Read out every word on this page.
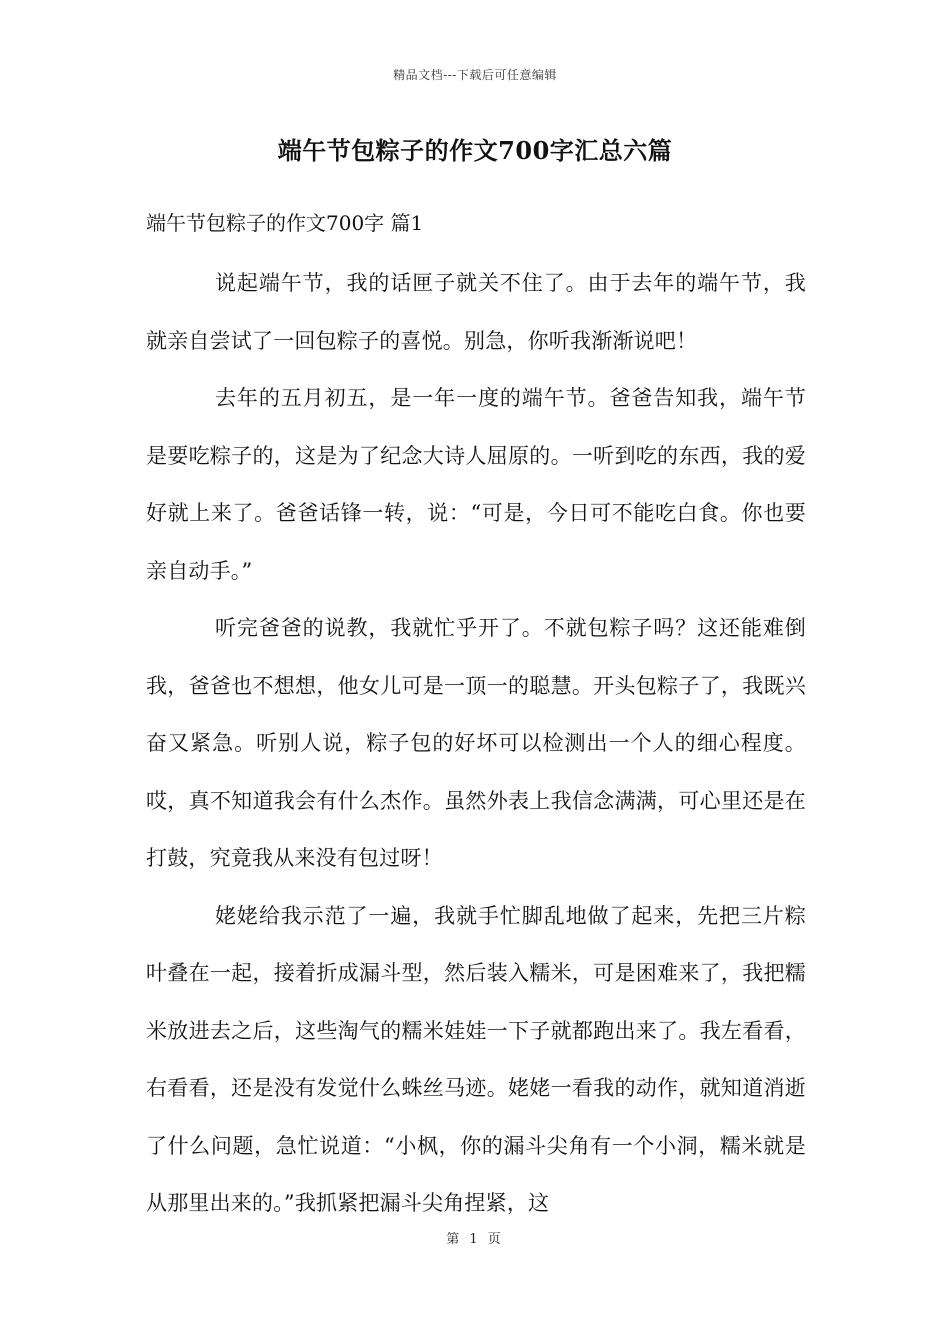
精品文档---下载后可任意编辑
端午节包粽子的作文700字汇总六篇
端午节包粽子的作文700字 篇1

说起端午节，我的话匣子就关不住了。由于去年的端午节，我就亲自尝试了一回包粽子的喜悦。别急，你听我渐渐说吧！

去年的五月初五，是一年一度的端午节。爸爸告知我，端午节是要吃粽子的，这是为了纪念大诗人屈原的。一听到吃的东西，我的爱好就上来了。爸爸话锋一转，说：“可是，今日可不能吃白食。你也要亲自动手。”

听完爸爸的说教，我就忙乎开了。不就包粽子吗？这还能难倒我，爸爸也不想想，他女儿可是一顶一的聪慧。开头包粽子了，我既兴奋又紧急。听别人说，粽子包的好坏可以检测出一个人的细心程度。哎，真不知道我会有什么杰作。虽然外表上我信念满满，可心里还是在打鼓，究竟我从来没有包过呀！

姥姥给我示范了一遍，我就手忙脚乱地做了起来，先把三片粽叶叠在一起，接着折成漏斗型，然后装入糯米，可是困难来了，我把糯米放进去之后，这些淘气的糯米娃娃一下子就都跑出来了。我左看看，右看看，还是没有发觉什么蛛丝马迹。姥姥一看我的动作，就知道消逝了什么问题，急忙说道：“小枫，你的漏斗尖角有一个小洞，糯米就是从那里出来的。”我抓紧把漏斗尖角捏紧，这

第 1 页
